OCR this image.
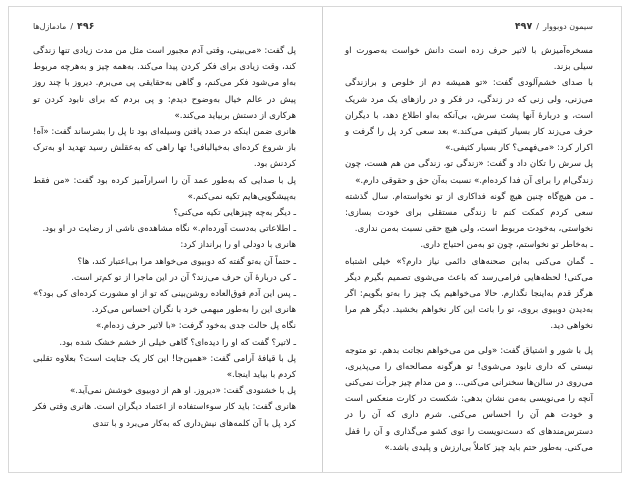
۴۹۶
/
مادمازل‌ها

پل گفت: «می‌بینی، وقتی آدم مجبور است مثل من مدت زیادی تنها زندگی کند، وقت زیادی برای فکر کردن پیدا می‌کند. به‌همه چیز و به‌هرچه مربوط به‌او می‌شود فکر می‌کنم، و گاهی به‌حقایقی پی می‌برم. دیروز با چند روز پیش در عالم خیال به‌وضوح دیدم: و پی بردم که برای نابود کردن تو هرکاری از دستش بربیاید می‌کند.»

هانری ضمن اینکه در صدد یافتن وسیله‌ای بود تا پل را بشرساند گفت: «آه! باز شروع کرده‌ای به‌خیالبافی! تها راهی که به‌عقلش رسید تهدید او به‌ترک کردنش بود.

پل با صدایی که به‌طور عمد آن را اسرارآمیز کرده بود گفت: «من فقط به‌پیشگویی‌هایم تکیه نمی‌کنم.»

ـ دیگر به‌چه چیزهایی تکیه می‌کنی؟

ـ اطلاعاتی به‌دست آورده‌ام.» نگاه مشاهده‌ی ناشی از رضایت در او بود.

هانری با دودلی او را برانداز کرد:

ـ حتماً آن به‌تو گفته که دوبیوی می‌خواهد مرا بی‌اعتبار کند، ها؟

ـ کی دربارهٔ آن حرف می‌زند؟ آن در این ماجرا از تو کم‌تر است.

ـ پس این آدم فوق‌العاده روشن‌بینی که تو از او مشورت کرده‌ای کی بود؟» هانری این را به‌طور مبهمی خرد با نگران احساس می‌کرد.

نگاه پل حالت جدی به‌خود گرفت: «با لاتیر حرف زده‌ام.»

ـ لاتیر؟ گفت که او را دیده‌ای؟ گاهی خیلی از خشم خشک شده بود.

پل با قیافهٔ آرامی گفت: «همین‌جا! این کار یک جنایت است؟ بعلاوه تقلبی کردم با بیاید اینجا.»

پل با خشنودی گفت: «دیروز. او هم از دوبیوی خوشش نمی‌آید.»

هانری گفت: باید کار سوءاستفاده از اعتماد دیگران است. هانری وقتی فکر کرد پل با آن کلمه‌های نیش‌داری که به‌کار می‌برد و با تندی

سیمون دوبووار
/
۴۹۷

مسخره‌آمیزش با لاتیر حرف زده است دانش خواست به‌صورت او سیلی بزند.

با صدای خشم‌آلودی گفت: «تو همیشه دم از خلوص و برازندگی می‌زنی، ولی زنی که در زندگی، در فکر و در رازهای یک مرد شریک است، و دربارهٔ آنها پشت سرش، بی‌آنکه به‌او اطلاع دهد، با دیگران حرف می‌زند کار بسیار کثیفی می‌کند.» بعد سعی کرد پل را گرفت و اکرار کرد: «می‌فهمی؟ کار بسیار کثیفی.»

پل سرش را تکان داد و گفت: «زندگی تو، زندگی من هم هست، چون زندگی‌ام را برای آن فدا کرده‌ام.» نسبت به‌آن حق و حقوقی دارم.»

ـ من هیچ‌گاه چنین هیچ گونه فداکاری از تو نخواسته‌ام. سال گذشته سعی کردم کمکت کنم تا زندگی مستقلی برای خودت بسازی: نخواستی، به‌خودت مربوط است، ولی هیچ حقی نسبت به‌من نداری.

ـ به‌خاطر تو نخواستم، چون تو به‌من احتیاج داری.

ـ گمان می‌کنی به‌این صحنه‌های دائمی نیاز دارم؟» خیلی اشتباه می‌کنی! لحظه‌هایی فرامی‌رسد که باعث می‌شوی تصمیم بگیرم دیگر هرگز قدم به‌اینجا نگذارم. حالا می‌خواهیم یک چیز را به‌تو بگویم: اگر به‌دیدن دوبیوی بروی، تو را باتت این کار نخواهم بخشید. دیگر هم مرا نخواهی دید.

پل با شور و اشتیاق گفت: «ولی من می‌خواهم نجاتت بدهم. تو متوجه نیستی که داری نابود می‌شوی! تو هرگونه مصالحه‌ای را می‌پذیری، می‌روی در سالن‌ها سخنرانی می‌کنی... و من مدام چیز جرأت نمی‌کنی آنچه را می‌نویسی به‌من نشان بدهی: شکست در کارت منعکس است و خودت هم آن را احساس می‌کنی. شرم داری که آن را در دسترس‌مندهای که دست‌نویست را توی کشو می‌گذاری و آن را قفل می‌کنی. به‌طور حتم باید چیز کاملاً بی‌ارزش و پلیدی باشد.»
